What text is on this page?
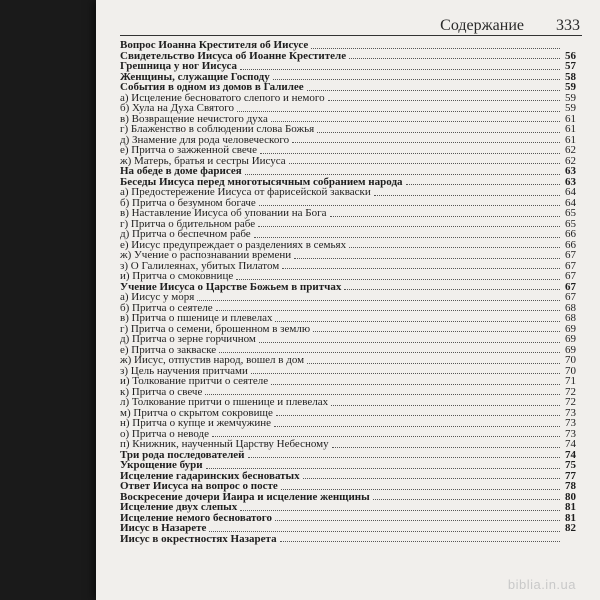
Содержание 333
Вопрос Иоанна Крестителя об Иисусе
Свидетельство Иисуса об Иоанне Крестителе	56
Грешница у ног Иисуса	57
Женщины, служащие Господу	58
События в одном из домов в Галилее	59
а) Исцеление бесноватого слепого и немого	59
б) Хула на Духа Святого	59
в) Возвращение нечистого духа	61
г) Блаженство в соблюдении слова Божья	61
д) Знамение для рода человеческого	61
е) Притча о зажженной свече	62
ж) Матерь, братья и сестры Иисуса	62
На обеде в доме фарисея	63
Беседы Иисуса перед многотысячным собранием народа	63
а) Предостережение Иисуса от фарисейской закваски	64
б) Притча о безумном богаче	64
в) Наставление Иисуса об уповании на Бога	65
г) Притча о бдительном рабе	65
д) Притча о беспечном рабе	66
е) Иисус предупреждает о разделениях в семьях	66
ж) Учение о распознавании времени	67
з) О Галилеянах, убитых Пилатом	67
и) Притча о смоковнице	67
Учение Иисуса о Царстве Божьем в притчах	67
а) Иисус у моря	67
б) Притча о сеятеле	68
в) Притча о пшенице и плевелах	68
г) Притча о семени, брошенном в землю	69
д) Притча о зерне горчичном	69
е) Притча о закваске	69
ж) Иисус, отпустив народ, вошел в дом	70
з) Цель научения притчами	70
и) Толкование притчи о сеятеле	71
к) Притча о свече	72
л) Толкование притчи о пшенице и плевелах	72
м) Притча о скрытом сокровище	73
н) Притча о купце и жемчужине	73
о) Притча о неводе	73
п) Книжник, наученный Царству Небесному	74
Три рода последователей	74
Укрощение бури	75
Исцеление гадаринских бесноватых	77
Ответ Иисуса на вопрос о посте	78
Воскресение дочери Иаира и исцеление женщины	80
Исцеление двух слепых	81
Исцеление немого бесноватого	81
Иисус в Назарете	82
Иисус в окрестностях Назарета
biblia.in.ua
